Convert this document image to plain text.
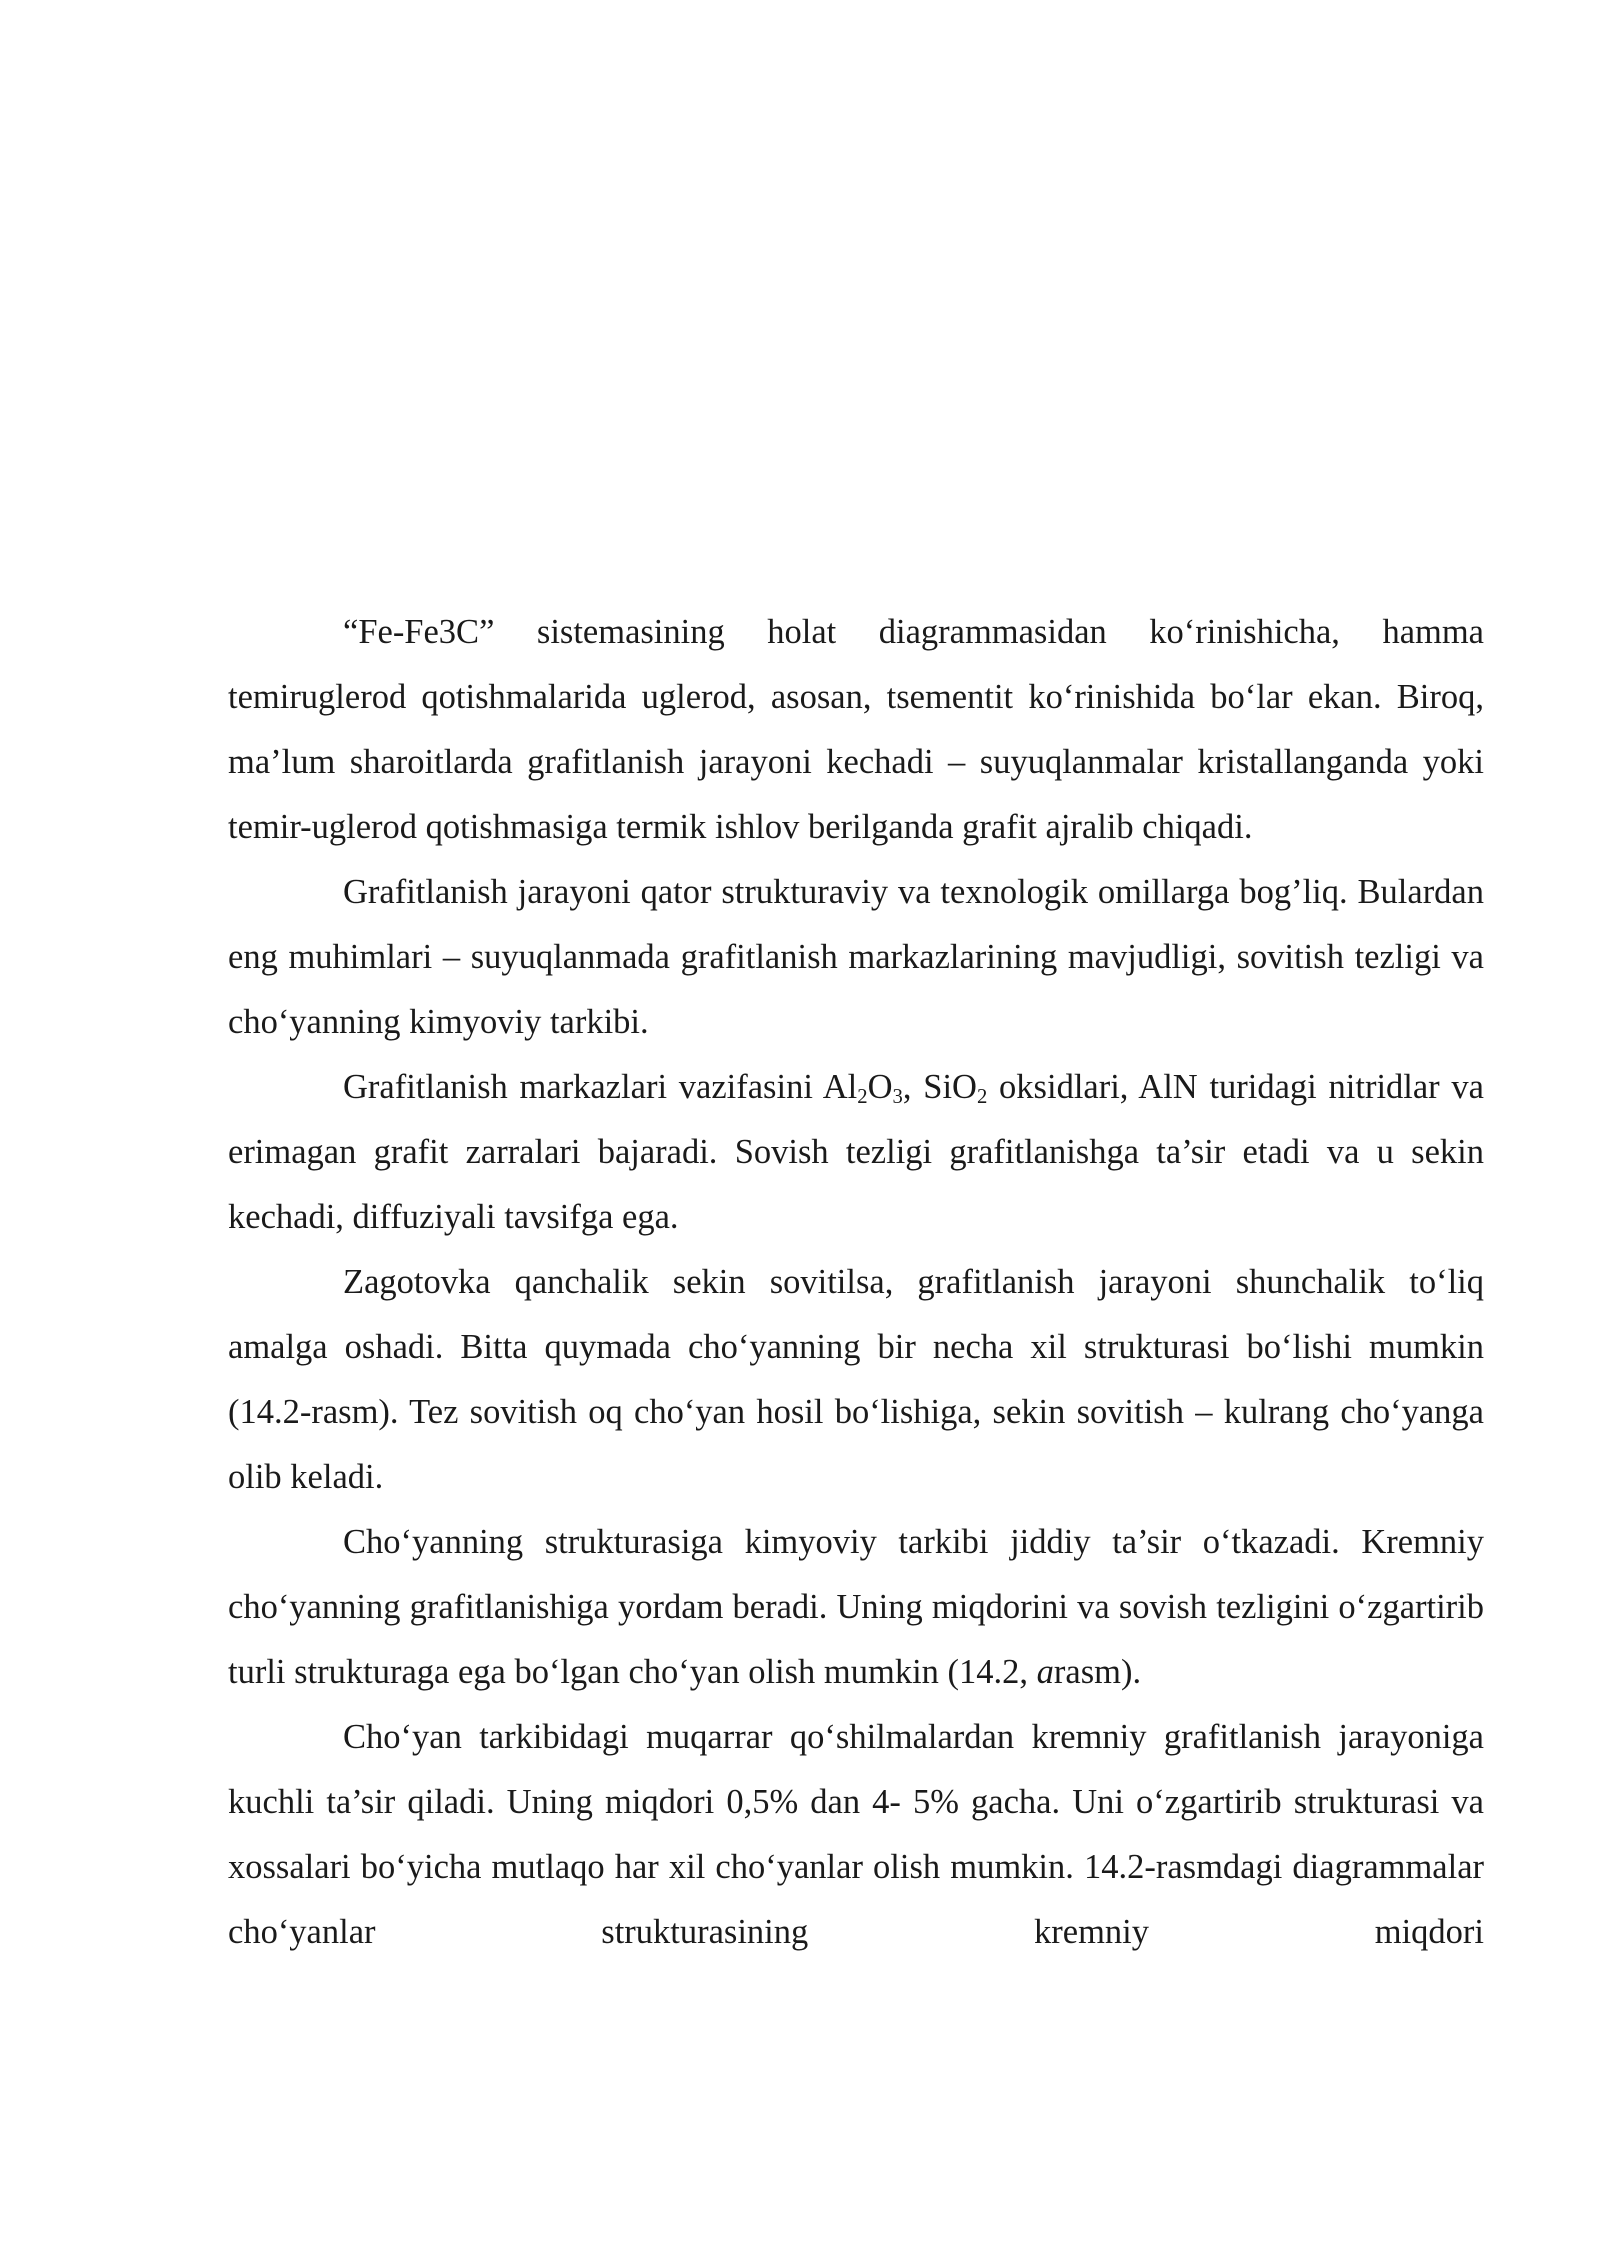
“Fe-Fe3C” sistemasining holat diagrammasidan ko‘rinishicha, hamma temiruglerod qotishmalarida uglerod, asosan, tsementit ko‘rinishida bo‘lar ekan. Biroq, ma’lum sharoitlarda grafitlanish jarayoni kechadi – suyuqlanmalar kristallanganda yoki temir-uglerod qotishmasiga termik ishlov berilganda grafit ajralib chiqadi.

Grafitlanish jarayoni qator strukturaviy va texnologik omillarga bog’liq. Bulardan eng muhimlari – suyuqlanmada grafitlanish markazlarining mavjudligi, sovitish tezligi va cho‘yanning kimyoviy tarkibi.

Grafitlanish markazlari vazifasini $Al_2O_3$, SiO$_2$ oksidlari, AlN turidagi nitridlar va erimagan grafit zarralari bajaradi. Sovish tezligi grafitlanishga ta’sir etadi va u sekin kechadi, diffuziyali tavsifga ega.

Zagotovka qanchalik sekin sovitilsa, grafitlanish jarayoni shunchalik to‘liq amalga oshadi. Bitta quymada cho‘yanning bir necha xil strukturasi bo‘lishi mumkin (14.2-rasm). Tez sovitish oq cho‘yan hosil bo‘lishiga, sekin sovitish – kulrang cho‘yanga olib keladi.

Cho‘yanning strukturasiga kimyoviy tarkibi jiddiy ta’sir o‘tkazadi. Kremniy cho‘yanning grafitlanishiga yordam beradi. Uning miqdorini va sovish tezligini o‘zgartirib turli strukturaga ega bo‘lgan cho‘yan olish mumkin (14.2, arasm).

Cho‘yan tarkibidagi muqarrar qo‘shilmalardan kremniy grafitlanish jarayoniga kuchli ta’sir qiladi. Uning miqdori 0,5% dan 4- 5% gacha. Uni o‘zgartirib strukturasi va xossalari bo‘yicha mutlaqo har xil cho‘yanlar olish mumkin. 14.2-rasmdagi diagrammalar cho‘yanlar strukturasining kremniy miqdori
